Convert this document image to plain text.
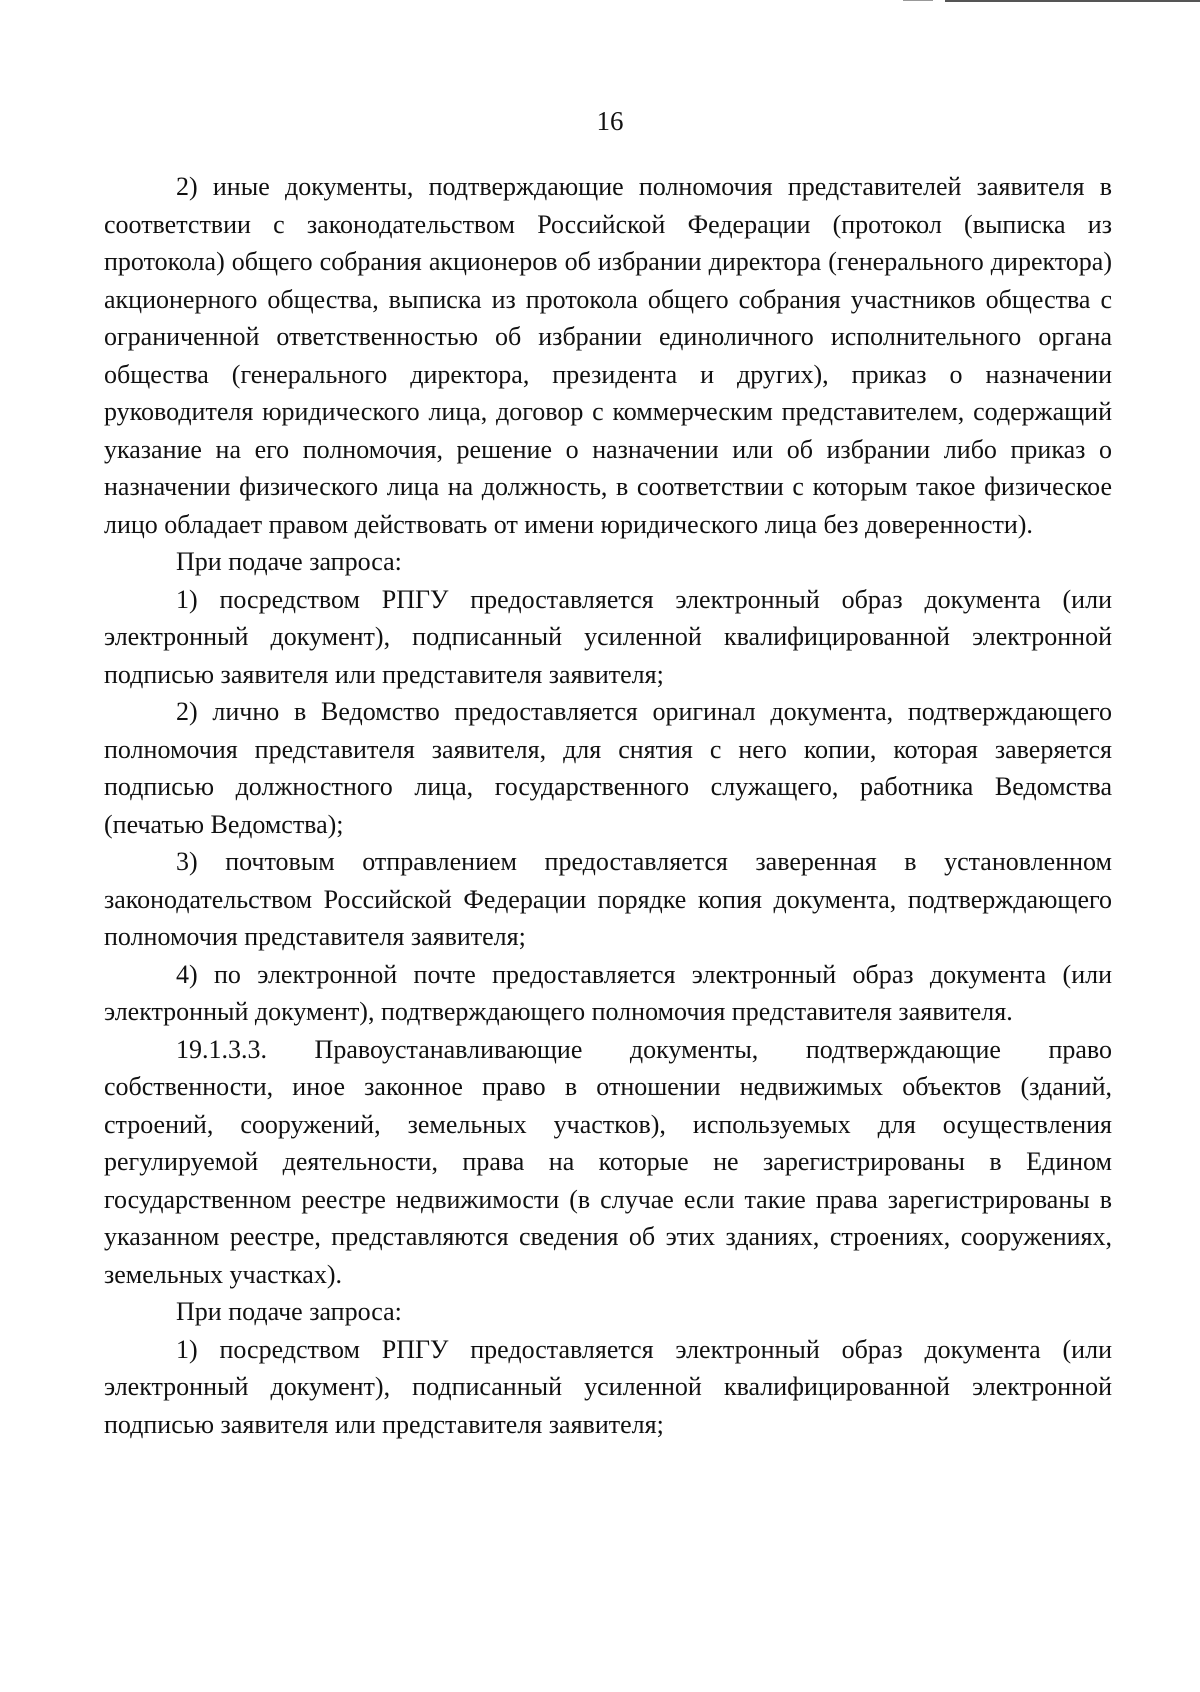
16

2) иные документы, подтверждающие полномочия представителей заявителя в соответствии с законодательством Российской Федерации (протокол (выписка из протокола) общего собрания акционеров об избрании директора (генерального директора) акционерного общества, выписка из протокола общего собрания участников общества с ограниченной ответственностью об избрании единоличного исполнительного органа общества (генерального директора, президента и других), приказ о назначении руководителя юридического лица, договор с коммерческим представителем, содержащий указание на его полномочия, решение о назначении или об избрании либо приказ о назначении физического лица на должность, в соответствии с которым такое физическое лицо обладает правом действовать от имени юридического лица без доверенности).

При подаче запроса:

1) посредством РПГУ предоставляется электронный образ документа (или электронный документ), подписанный усиленной квалифицированной электронной подписью заявителя или представителя заявителя;

2) лично в Ведомство предоставляется оригинал документа, подтверждающего полномочия представителя заявителя, для снятия с него копии, которая заверяется подписью должностного лица, государственного служащего, работника Ведомства (печатью Ведомства);

3) почтовым отправлением предоставляется заверенная в установленном законодательством Российской Федерации порядке копия документа, подтверждающего полномочия представителя заявителя;

4) по электронной почте предоставляется электронный образ документа (или электронный документ), подтверждающего полномочия представителя заявителя.

19.1.3.3. Правоустанавливающие документы, подтверждающие право собственности, иное законное право в отношении недвижимых объектов (зданий, строений, сооружений, земельных участков), используемых для осуществления регулируемой деятельности, права на которые не зарегистрированы в Едином государственном реестре недвижимости (в случае если такие права зарегистрированы в указанном реестре, представляются сведения об этих зданиях, строениях, сооружениях, земельных участках).

При подаче запроса:

1) посредством РПГУ предоставляется электронный образ документа (или электронный документ), подписанный усиленной квалифицированной электронной подписью заявителя или представителя заявителя;
